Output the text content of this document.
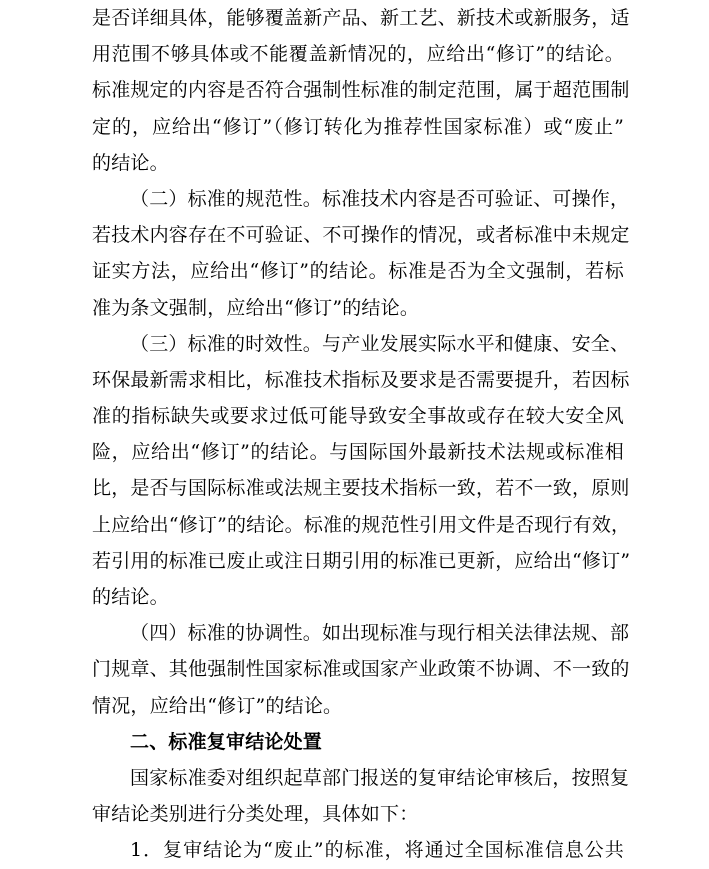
是否详细具体，能够覆盖新产品、新工艺、新技术或新服务，适
用范围不够具体或不能覆盖新情况的，应给出“修订”的结论。
标准规定的内容是否符合强制性标准的制定范围，属于超范围制
定的，应给出“修订”（修订转化为推荐性国家标准）或“废止”
的结论。
（二）标准的规范性。标准技术内容是否可验证、可操作，
若技术内容存在不可验证、不可操作的情况，或者标准中未规定
证实方法，应给出“修订”的结论。标准是否为全文强制，若标
准为条文强制，应给出“修订”的结论。
（三）标准的时效性。与产业发展实际水平和健康、安全、
环保最新需求相比，标准技术指标及要求是否需要提升，若因标
准的指标缺失或要求过低可能导致安全事故或存在较大安全风
险，应给出“修订”的结论。与国际国外最新技术法规或标准相
比，是否与国际标准或法规主要技术指标一致，若不一致，原则
上应给出“修订”的结论。标准的规范性引用文件是否现行有效，
若引用的标准已废止或注日期引用的标准已更新，应给出“修订”
的结论。
（四）标准的协调性。如出现标准与现行相关法律法规、部
门规章、其他强制性国家标准或国家产业政策不协调、不一致的
情况，应给出“修订”的结论。
二、标准复审结论处置
国家标准委对组织起草部门报送的复审结论审核后，按照复
审结论类别进行分类处理，具体如下：
1．复审结论为“废止”的标准，将通过全国标准信息公共
